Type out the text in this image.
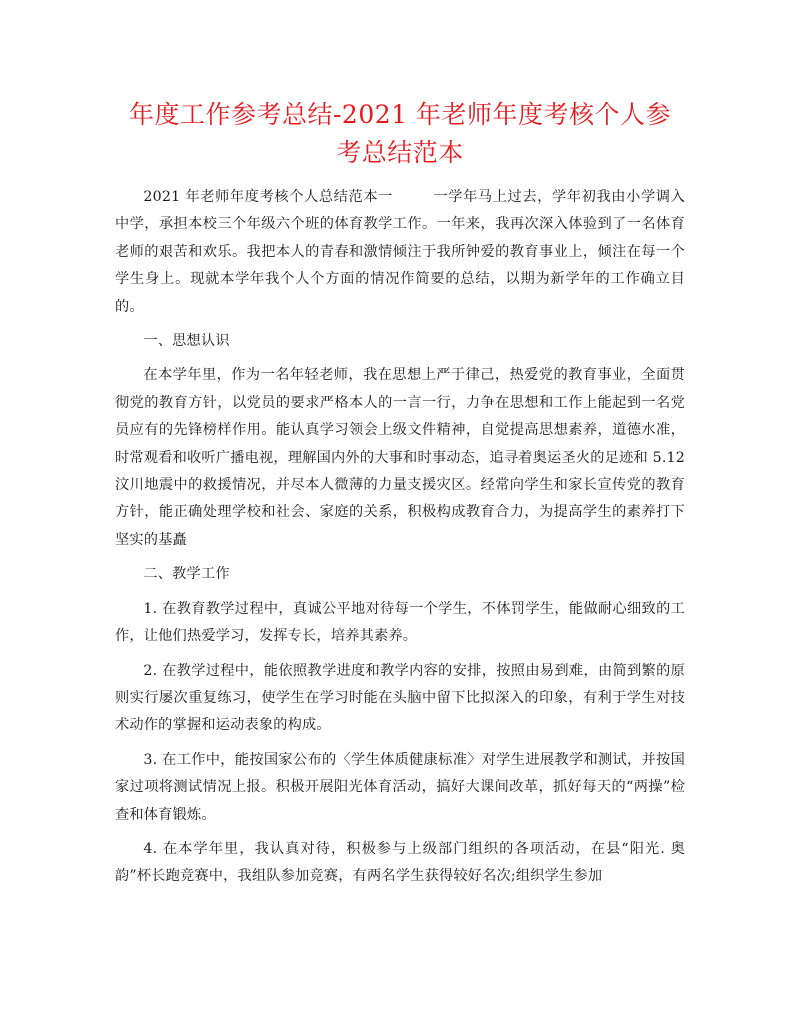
年度工作参考总结-2021 年老师年度考核个人参
考总结范本

2021 年老师年度考核个人总结范本一	一学年马上过去，学年初我由小学调入中学，承担本校三个年级六个班的体育教学工作。一年来，我再次深入体验到了一名体育老师的艰苦和欢乐。我把本人的青春和激情倾注于我所钟爱的教育事业上，倾注在每一个学生身上。现就本学年我个人个方面的情况作简要的总结，以期为新学年的工作确立目的。

一、思想认识

在本学年里，作为一名年轻老师，我在思想上严于律己，热爱党的教育事业，全面贯彻党的教育方针，以党员的要求严格本人的一言一行，力争在思想和工作上能起到一名党员应有的先锋榜样作用。能认真学习领会上级文件精神，自觉提高思想素养，道德水准，时常观看和收听广播电视，理解国内外的大事和时事动态，追寻着奥运圣火的足迹和 5.12 汶川地震中的救援情况，并尽本人微薄的力量支援灾区。经常向学生和家长宣传党的教育方针，能正确处理学校和社会、家庭的关系，积极构成教育合力，为提高学生的素养打下坚实的基矗

二、教学工作

1. 在教育教学过程中，真诚公平地对待每一个学生，不体罚学生，能做耐心细致的工作，让他们热爱学习，发挥专长，培养其素养。

2. 在教学过程中，能依照教学进度和教学内容的安排，按照由易到难，由简到繁的原则实行屡次重复练习，使学生在学习时能在头脑中留下比拟深入的印象，有利于学生对技术动作的掌握和运动表象的构成。

3. 在工作中，能按国家公布的〈学生体质健康标准〉对学生进展教学和测试，并按国家过项将测试情况上报。积极开展阳光体育活动，搞好大课间改革，抓好每天的“两操”检查和体育锻炼。

4. 在本学年里，我认真对待，积极参与上级部门组织的各项活动，在县“阳光. 奥韵”杯长跑竞赛中，我组队参加竞赛，有两名学生获得较好名次;组织学生参加
